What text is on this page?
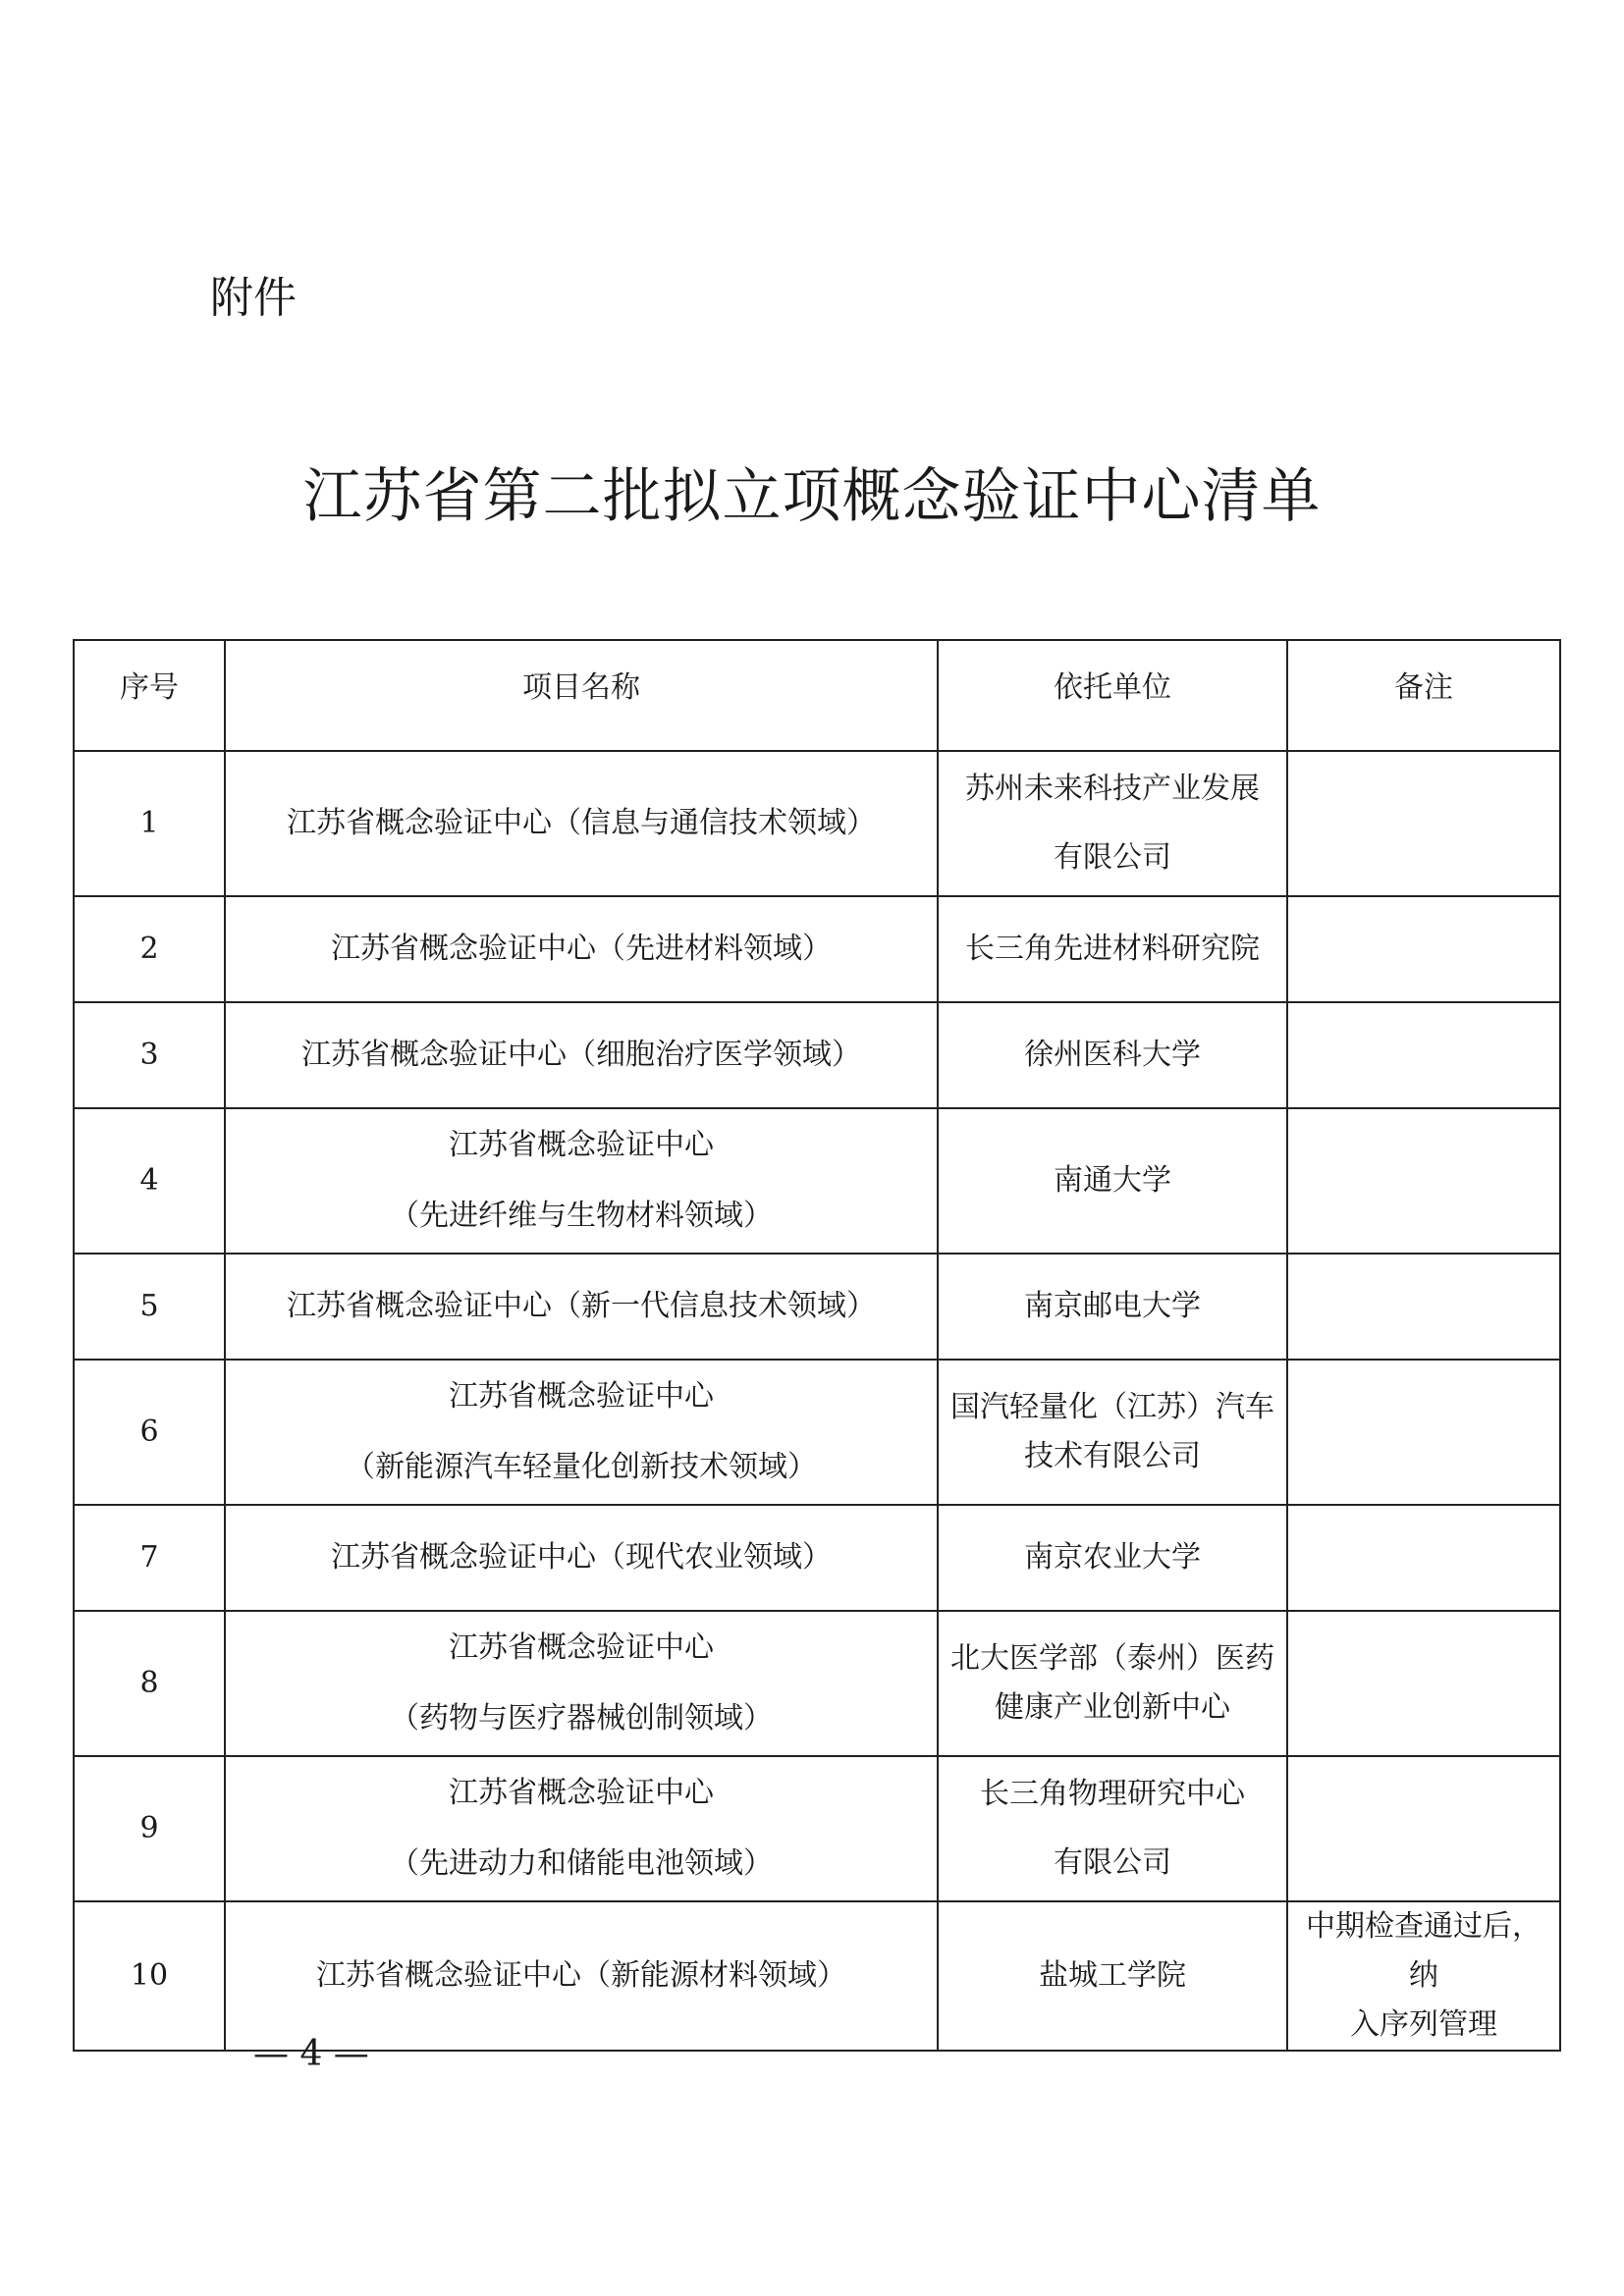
附件
江苏省第二批拟立项概念验证中心清单
序号	项目名称	依托单位	备注
1	江苏省概念验证中心（信息与通信技术领域）	苏州未来科技产业发展
有限公司	

2	江苏省概念验证中心（先进材料领域）	长三角先进材料研究院	

3	江苏省概念验证中心（细胞治疗医学领域）	徐州医科大学	

4	江苏省概念验证中心
（先进纤维与生物材料领域）	南通大学	

5	江苏省概念验证中心（新一代信息技术领域）	南京邮电大学	

6	江苏省概念验证中心
（新能源汽车轻量化创新技术领域）	国汽轻量化（江苏）汽车
技术有限公司	

7	江苏省概念验证中心（现代农业领域）	南京农业大学	

8	江苏省概念验证中心
（药物与医疗器械创制领域）	北大医学部（泰州）医药
健康产业创新中心	

9	江苏省概念验证中心
（先进动力和储能电池领域）	长三角物理研究中心
有限公司	

10	江苏省概念验证中心（新能源材料领域）	盐城工学院	中期检查通过后，纳
入序列管理
— 4 —
